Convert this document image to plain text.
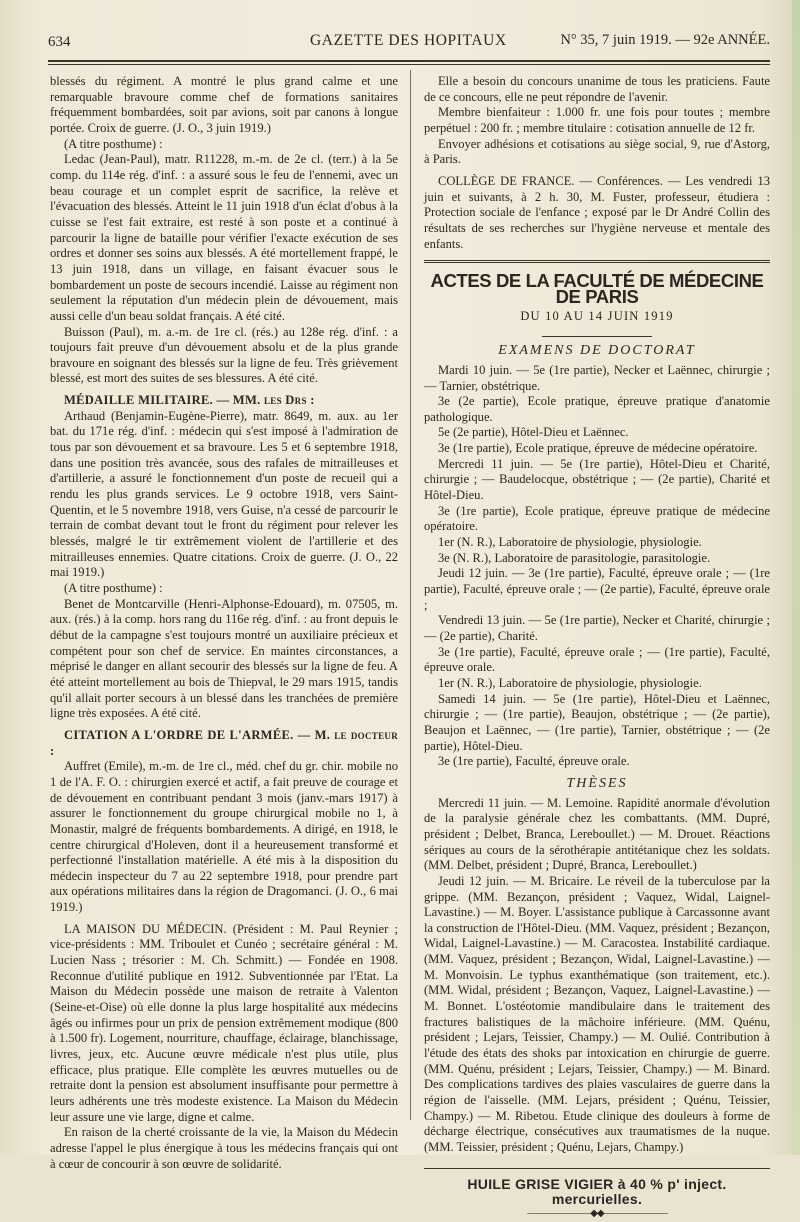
634	GAZETTE DES HOPITAUX	N° 35, 7 juin 1919. — 92e ANNÉE.

blessés du régiment. A montré le plus grand calme et une remarquable bravoure comme chef de formations sanitaires fréquemment bombardées, soit par avions, soit par canons à longue portée. Croix de guerre. (J. O., 3 juin 1919.)

(A titre posthume) :

Ledac (Jean-Paul), matr. R11228, m.-m. de 2e cl. (terr.) à la 5e comp. du 114e rég. d'inf. : a assuré sous le feu de l'ennemi, avec un beau courage et un complet esprit de sacrifice, la relève et l'évacuation des blessés. Atteint le 11 juin 1918 d'un éclat d'obus à la cuisse se l'est fait extraire, est resté à son poste et a continué à parcourir la ligne de bataille pour vérifier l'exacte exécution de ses ordres et donner ses soins aux blessés. A été mortellement frappé, le 13 juin 1918, dans un village, en faisant évacuer sous le bombardement un poste de secours incendié. Laisse au régiment non seulement la réputation d'un médecin plein de dévouement, mais aussi celle d'un beau soldat français. A été cité.

Buisson (Paul), m. a.-m. de 1re cl. (rés.) au 128e rég. d'inf. : a toujours fait preuve d'un dévouement absolu et de la plus grande bravoure en soignant des blessés sur la ligne de feu. Très grièvement blessé, est mort des suites de ses blessures. A été cité.

MÉDAILLE MILITAIRE. — MM. les Drs :

Arthaud (Benjamin-Eugène-Pierre), matr. 8649, m. aux. au 1er bat. du 171e rég. d'inf. : médecin qui s'est imposé à l'admiration de tous par son dévouement et sa bravoure. Les 5 et 6 septembre 1918, dans une position très avancée, sous des rafales de mitrailleuses et d'artillerie, a assuré le fonctionnement d'un poste de recueil qui a rendu les plus grands services. Le 9 octobre 1918, vers Saint-Quentin, et le 5 novembre 1918, vers Guise, n'a cessé de parcourir le terrain de combat devant tout le front du régiment pour relever les blessés, malgré le tir extrêmement violent de l'artillerie et des mitrailleuses ennemies. Quatre citations. Croix de guerre. (J. O., 22 mai 1919.)

(A titre posthume) :

Benet de Montcarville (Henri-Alphonse-Edouard), m. 07505, m. aux. (rés.) à la comp. hors rang du 116e rég. d'inf. : au front depuis le début de la campagne s'est toujours montré un auxiliaire précieux et compétent pour son chef de service. En maintes circonstances, a méprisé le danger en allant secourir des blessés sur la ligne de feu. A été atteint mortellement au bois de Thiepval, le 29 mars 1915, tandis qu'il allait porter secours à un blessé dans les tranchées de première ligne très exposées. A été cité.

CITATION A L'ORDRE DE L'ARMÉE. — M. le docteur :

Auffret (Emile), m.-m. de 1re cl., méd. chef du gr. chir. mobile no 1 de l'A. F. O. : chirurgien exercé et actif, a fait preuve de courage et de dévouement en contribuant pendant 3 mois (janv.-mars 1917) à assurer le fonctionnement du groupe chirurgical mobile no 1, à Monastir, malgré de fréquents bombardements. A dirigé, en 1918, le centre chirurgical d'Holeven, dont il a heureusement transformé et perfectionné l'installation matérielle. A été mis à la disposition du médecin inspecteur du 7 au 22 septembre 1918, pour prendre part aux opérations militaires dans la région de Dragomanci. (J. O., 6 mai 1919.)

LA MAISON DU MÉDECIN. (Président : M. Paul Reynier ; vice-présidents : MM. Triboulet et Cunéo ; secrétaire général : M. Lucien Nass ; trésorier : M. Ch. Schmitt.) — Fondée en 1908. Reconnue d'utilité publique en 1912. Subventionnée par l'Etat. La Maison du Médecin possède une maison de retraite à Valenton (Seine-et-Oise) où elle donne la plus large hospitalité aux médecins âgés ou infirmes pour un prix de pension extrêmement modique (800 à 1.500 fr). Logement, nourriture, chauffage, éclairage, blanchissage, livres, jeux, etc. Aucune œuvre médicale n'est plus utile, plus efficace, plus pratique. Elle complète les œuvres mutuelles ou de retraite dont la pension est absolument insuffisante pour permettre à leurs adhérents une très modeste existence. La Maison du Médecin leur assure une vie large, digne et calme.

En raison de la cherté croissante de la vie, la Maison du Médecin adresse l'appel le plus énergique à tous les médecins français qui ont à cœur de concourir à son œuvre de solidarité.

Elle a besoin du concours unanime de tous les praticiens. Faute de ce concours, elle ne peut répondre de l'avenir.

Membre bienfaiteur : 1.000 fr. une fois pour toutes ; membre perpétuel : 200 fr. ; membre titulaire : cotisation annuelle de 12 fr.

Envoyer adhésions et cotisations au siège social, 9, rue d'Astorg, à Paris.

COLLÈGE DE FRANCE. — Conférences. — Les vendredi 13 juin et suivants, à 2 h. 30, M. Fuster, professeur, étudiera : Protection sociale de l'enfance ; exposé par le Dr André Collin des résultats de ses recherches sur l'hygiène nerveuse et mentale des enfants.

ACTES DE LA FACULTÉ DE MÉDECINE DE PARIS
DU 10 AU 14 JUIN 1919
EXAMENS DE DOCTORAT

Mardi 10 juin. — 5e (1re partie), Necker et Laënnec, chirurgie ; — Tarnier, obstétrique.

3e (2e partie), Ecole pratique, épreuve pratique d'anatomie pathologique.

5e (2e partie), Hôtel-Dieu et Laënnec.

3e (1re partie), Ecole pratique, épreuve de médecine opératoire.

Mercredi 11 juin. — 5e (1re partie), Hôtel-Dieu et Charité, chirurgie ; — Baudelocque, obstétrique ; — (2e partie), Charité et Hôtel-Dieu.

3e (1re partie), Ecole pratique, épreuve pratique de médecine opératoire.

1er (N. R.), Laboratoire de physiologie, physiologie.

3e (N. R.), Laboratoire de parasitologie, parasitologie.

Jeudi 12 juin. — 3e (1re partie), Faculté, épreuve orale ; — (1re partie), Faculté, épreuve orale ; — (2e partie), Faculté, épreuve orale ;

Vendredi 13 juin. — 5e (1re partie), Necker et Charité, chirurgie ; — (2e partie), Charité.

3e (1re partie), Faculté, épreuve orale ; — (1re partie), Faculté, épreuve orale.

1er (N. R.), Laboratoire de physiologie, physiologie.

Samedi 14 juin. — 5e (1re partie), Hôtel-Dieu et Laënnec, chirurgie ; — (1re partie), Beaujon, obstétrique ; — (2e partie), Beaujon et Laënnec, — (1re partie), Tarnier, obstétrique ; — (2e partie), Hôtel-Dieu.

3e (1re partie), Faculté, épreuve orale.

THÈSES

Mercredi 11 juin. — M. Lemoine. Rapidité anormale d'évolution de la paralysie générale chez les combattants. (MM. Dupré, président ; Delbet, Branca, Lereboullet.) — M. Drouet. Réactions sériques au cours de la sérothérapie antitétanique chez les soldats. (MM. Delbet, président ; Dupré, Branca, Lereboullet.)

Jeudi 12 juin. — M. Bricaire. Le réveil de la tuberculose par la grippe. (MM. Bezançon, président ; Vaquez, Widal, Laignel-Lavastine.) — M. Boyer. L'assistance publique à Carcassonne avant la construction de l'Hôtel-Dieu. (MM. Vaquez, président ; Bezançon, Widal, Laignel-Lavastine.) — M. Caracostea. Instabilité cardiaque. (MM. Vaquez, président ; Bezançon, Widal, Laignel-Lavastine.) — M. Monvoisin. Le typhus exanthématique (son traitement, etc.). (MM. Widal, président ; Bezançon, Vaquez, Laignel-Lavastine.) — M. Bonnet. L'ostéotomie mandibulaire dans le traitement des fractures balistiques de la mâchoire inférieure. (MM. Quénu, président ; Lejars, Teissier, Champy.) — M. Oulié. Contribution à l'étude des états des shoks par intoxication en chirurgie de guerre. (MM. Quénu, président ; Lejars, Teissier, Champy.) — M. Binard. Des complications tardives des plaies vasculaires de guerre dans la région de l'aisselle. (MM. Lejars, président ; Quénu, Teissier, Champy.) — M. Ribetou. Etude clinique des douleurs à forme de décharge électrique, consécutives aux traumatismes de la nuque. (MM. Teissier, président ; Quénu, Lejars, Champy.)

HUILE GRISE VIGIER à 40 % p' inject. mercurielles.
———————◆◆———————
